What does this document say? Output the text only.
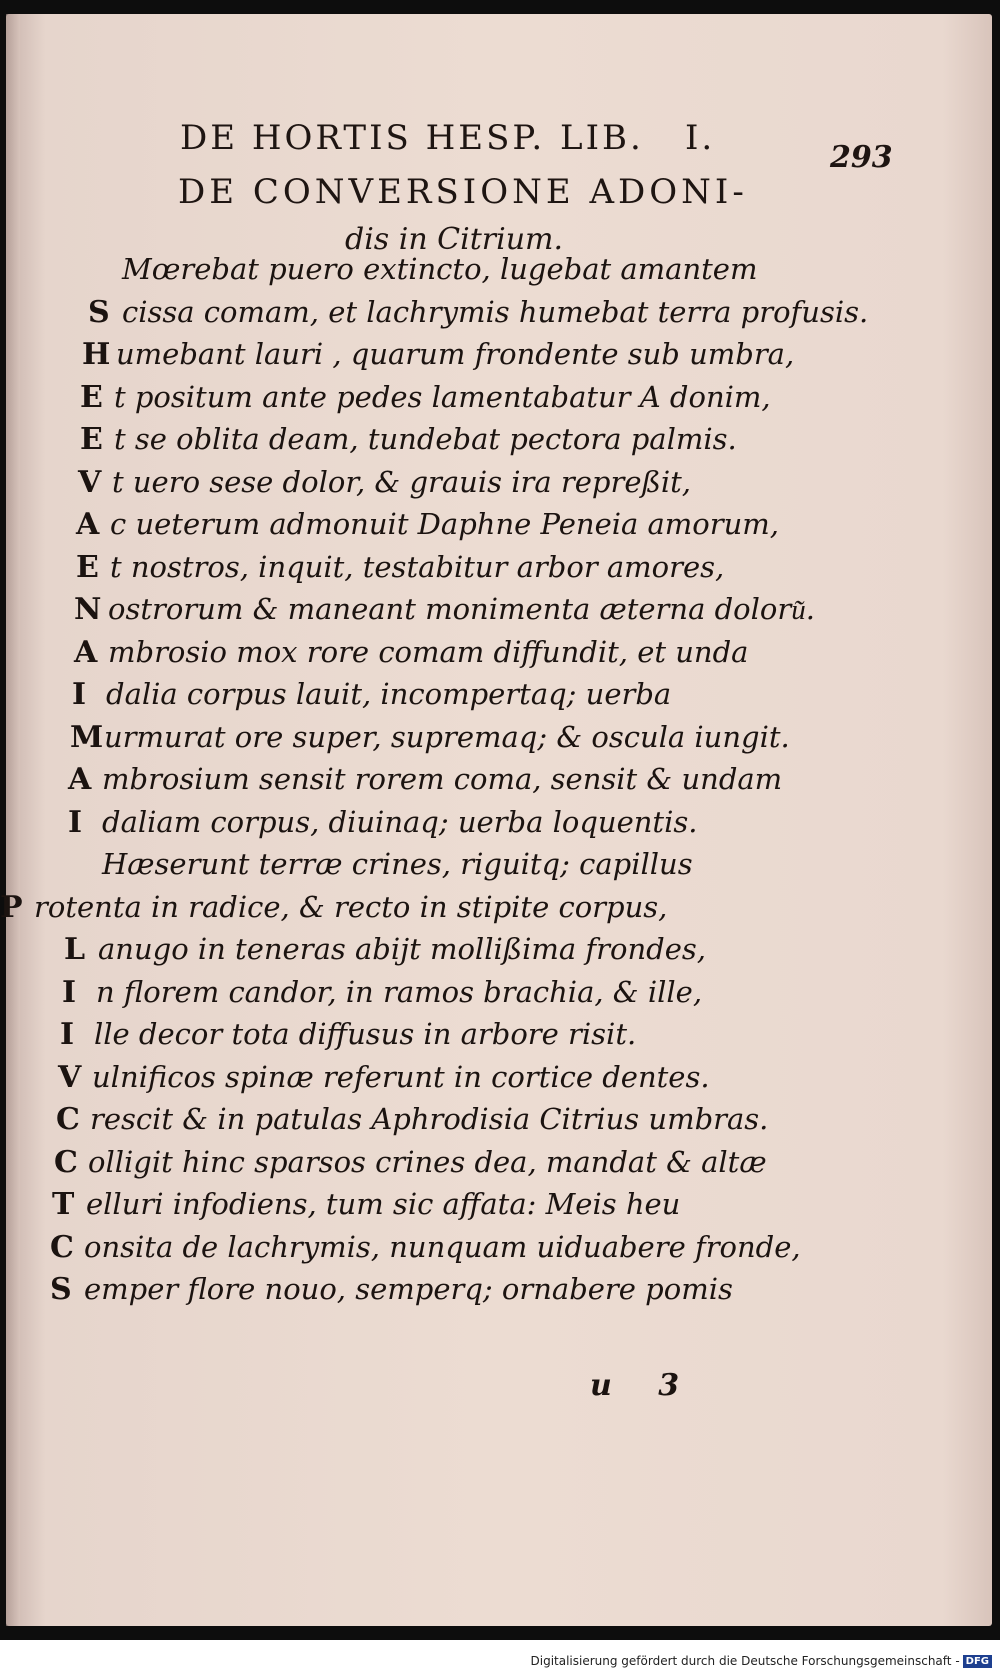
DE HORTIS HESP. LIB. I.	293
DE CONVERSIONE ADONI-
dis in Citrium.
Mœrebat puero extincto, lugebat amantem
S cissa comam, et lachrymis humebat terra profusis.
H umebant lauri , quarum frondente sub umbra,
E t positum ante pedes lamentabatur A donim,
E t se oblita deam, tundebat pectora palmis.
V t uero sese dolor, & grauis ira repreßit,
A c ueterum admonuit Daphne Peneia amorum,
E t nostros, inquit, testabitur arbor amores,
N ostrorum & maneant monimenta æterna doloru͂.
A mbrosio mox rore comam diffundit, et unda
I dalia corpus lauit, incompertaq; uerba
M urmurat ore super, supremaq; & oscula iungit.
A mbrosium sensit rorem coma, sensit & undam
I daliam corpus, diuinaq; uerba loquentis.
Hæserunt terræ crines, riguitq; capillus
P rotenta in radice, & recto in stipite corpus,
L anugo in teneras abijt mollißima frondes,
I n florem candor, in ramos brachia, & ille,
I lle decor tota diffusus in arbore risit.
V ulnificos spinæ referunt in cortice dentes.
C rescit & in patulas Aphrodisia Citrius umbras.
C olligit hinc sparsos crines dea, mandat & altæ
T elluri infodiens, tum sic affata: Meis heu
C onsita de lachrymis, nunquam uiduabere fronde,
S emper flore nouo, semperq; ornabere pomis
u 3
Digitalisierung gefördert durch die Deutsche Forschungsgemeinschaft - DFG
